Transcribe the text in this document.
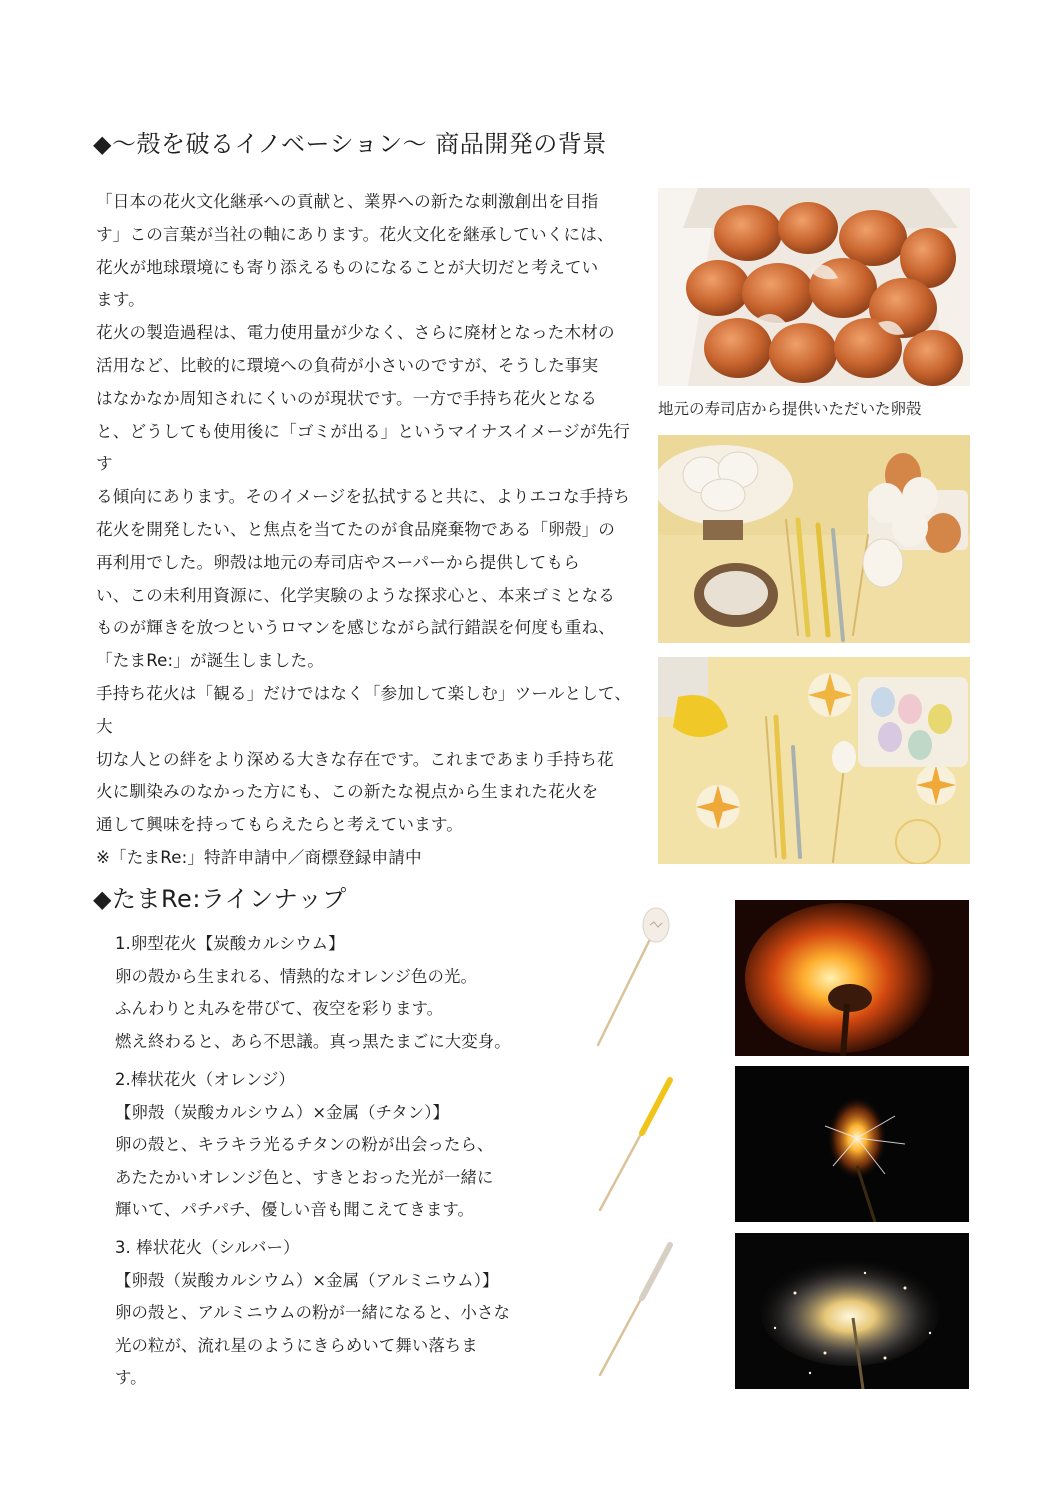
◆～殻を破るイノベーション～ 商品開発の背景

「日本の花火文化継承への貢献と、業界への新たな刺激創出を目指
す」この言葉が当社の軸にあります。花火文化を継承していくには、
花火が地球環境にも寄り添えるものになることが大切だと考えてい
ます。

花火の製造過程は、電力使用量が少なく、さらに廃材となった木材の
活用など、比較的に環境への負荷が小さいのですが、そうした事実
はなかなか周知されにくいのが現状です。一方で手持ち花火となる
と、どうしても使用後に「ゴミが出る」というマイナスイメージが先行す
る傾向にあります。そのイメージを払拭すると共に、よりエコな手持ち
花火を開発したい、と焦点を当てたのが食品廃棄物である「卵殻」の
再利用でした。卵殻は地元の寿司店やスーパーから提供してもら
い、この未利用資源に、化学実験のような探求心と、本来ゴミとなる
ものが輝きを放つというロマンを感じながら試行錯誤を何度も重ね、
「たまRe:」が誕生しました。

手持ち花火は「観る」だけではなく「参加して楽しむ」ツールとして、大
切な人との絆をより深める大きな存在です。これまであまり手持ち花
火に馴染みのなかった方にも、この新たな視点から生まれた花火を
通して興味を持ってもらえたらと考えています。

※「たまRe:」特許申請中／商標登録申請中

地元の寿司店から提供いただいた卵殻
◆たまRe:ラインナップ
1.卵型花火【炭酸カルシウム】
卵の殻から生まれる、情熱的なオレンジ色の光。
ふんわりと丸みを帯びて、夜空を彩ります。
燃え終わると、あら不思議。真っ黒たまごに大変身。
2.棒状花火（オレンジ）
【卵殻（炭酸カルシウム）×金属（チタン）】
卵の殻と、キラキラ光るチタンの粉が出会ったら、
あたたかいオレンジ色と、すきとおった光が一緒に
輝いて、パチパチ、優しい音も聞こえてきます。
3. 棒状花火（シルバー）
【卵殻（炭酸カルシウム）×金属（アルミニウム）】
卵の殻と、アルミニウムの粉が一緒になると、小さな
光の粒が、流れ星のようにきらめいて舞い落ちま
す。
